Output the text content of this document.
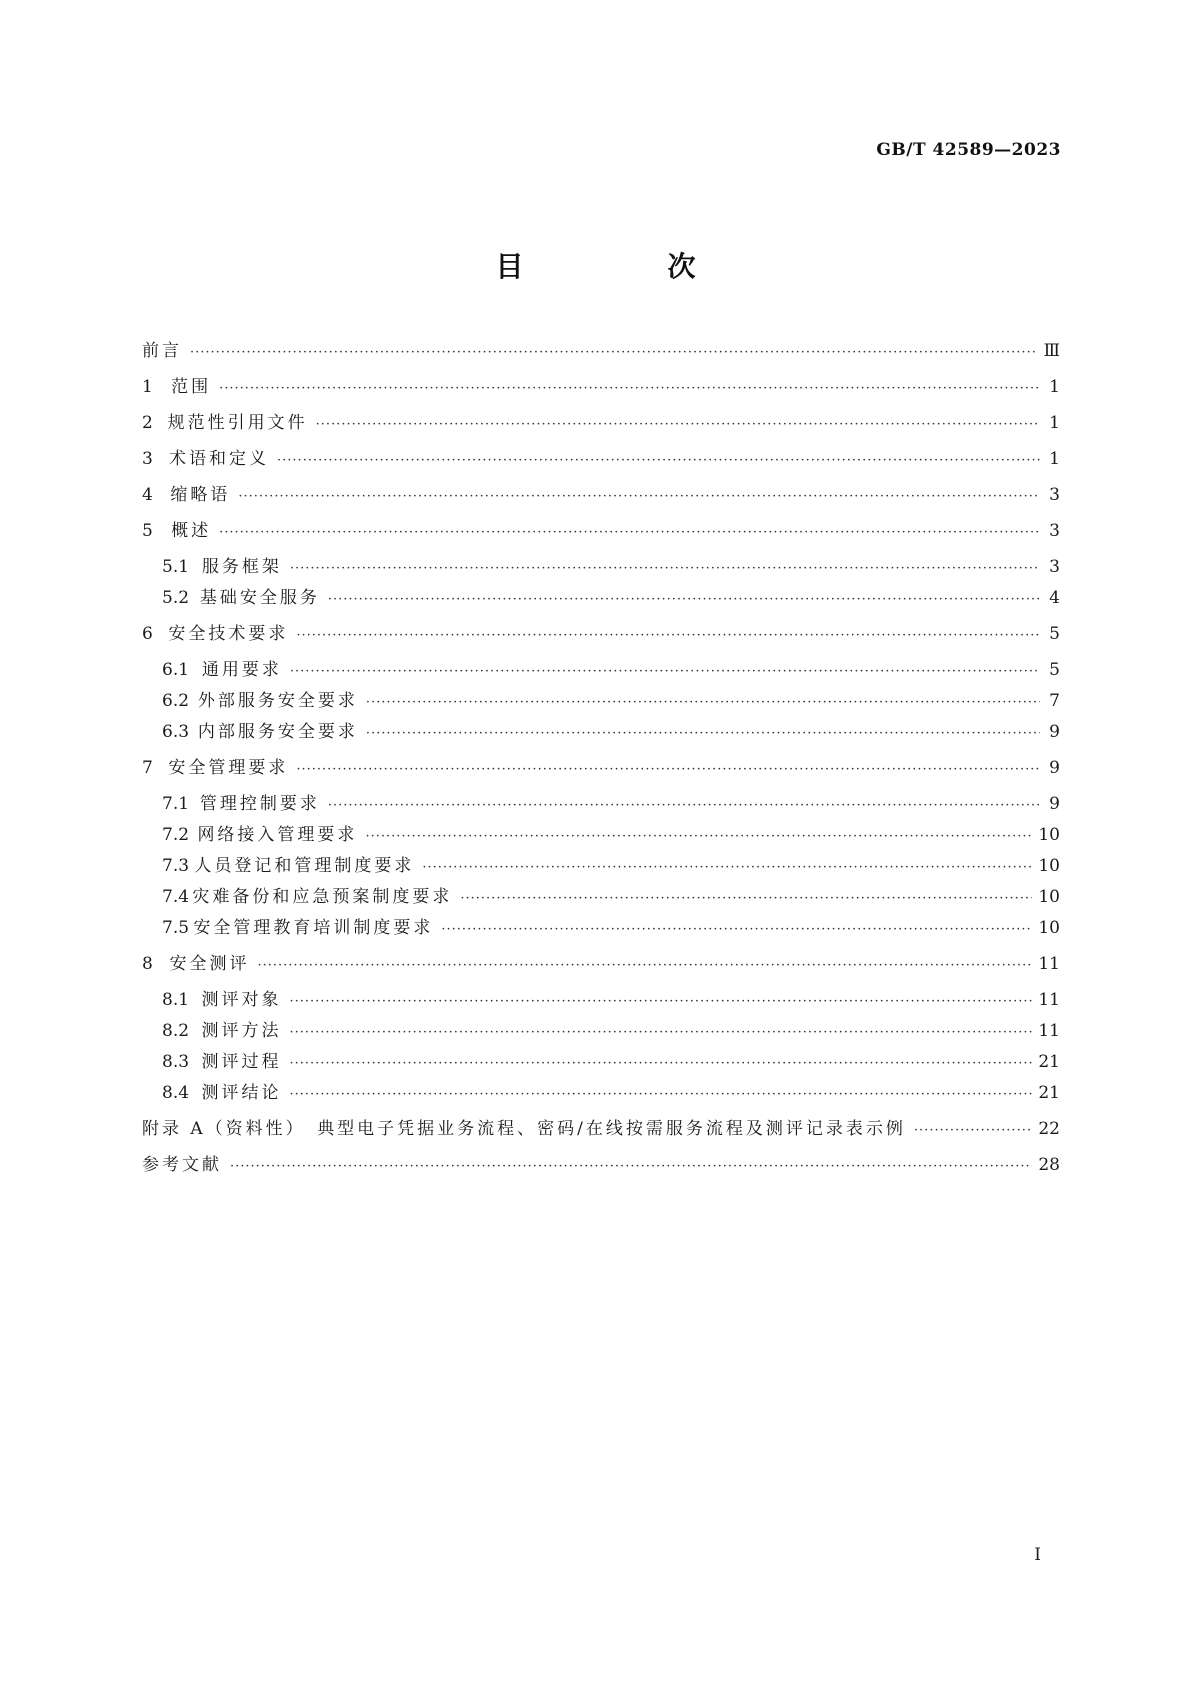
GB/T 42589—2023
目　次
前言 ·····	Ⅲ
1	范围 ·····	1
2 规范性引用文件 ·····	1
3 术语和定义 ·····	1
4	缩略语 ·····	3
5	概述 ·····	3
5.1 服务框架 ·····	3
5.2 基础安全服务 ·····	4
6 安全技术要求 ·····	5
6.1 通用要求 ·····	5
6.2 外部服务安全要求 ·····	7
6.3 内部服务安全要求 ·····	9
7 安全管理要求 ·····	9
7.1 管理控制要求 ·····	9
7.2 网络接入管理要求 ·····	10
7.3 人员登记和管理制度要求 ·····	10
7.4 灾难备份和应急预案制度要求 ·····	10
7.5 安全管理教育培训制度要求 ·····	10
8 安全测评 ·····	11
8.1 测评对象 ·····	11
8.2 测评方法 ·····	11
8.3 测评过程 ·····	21
8.4 测评结论 ·····	21
附录 A（资料性）　典型电子凭据业务流程、密码/在线按需服务流程及测评记录表示例 ·····	22
参考文献 ·····	28
I
